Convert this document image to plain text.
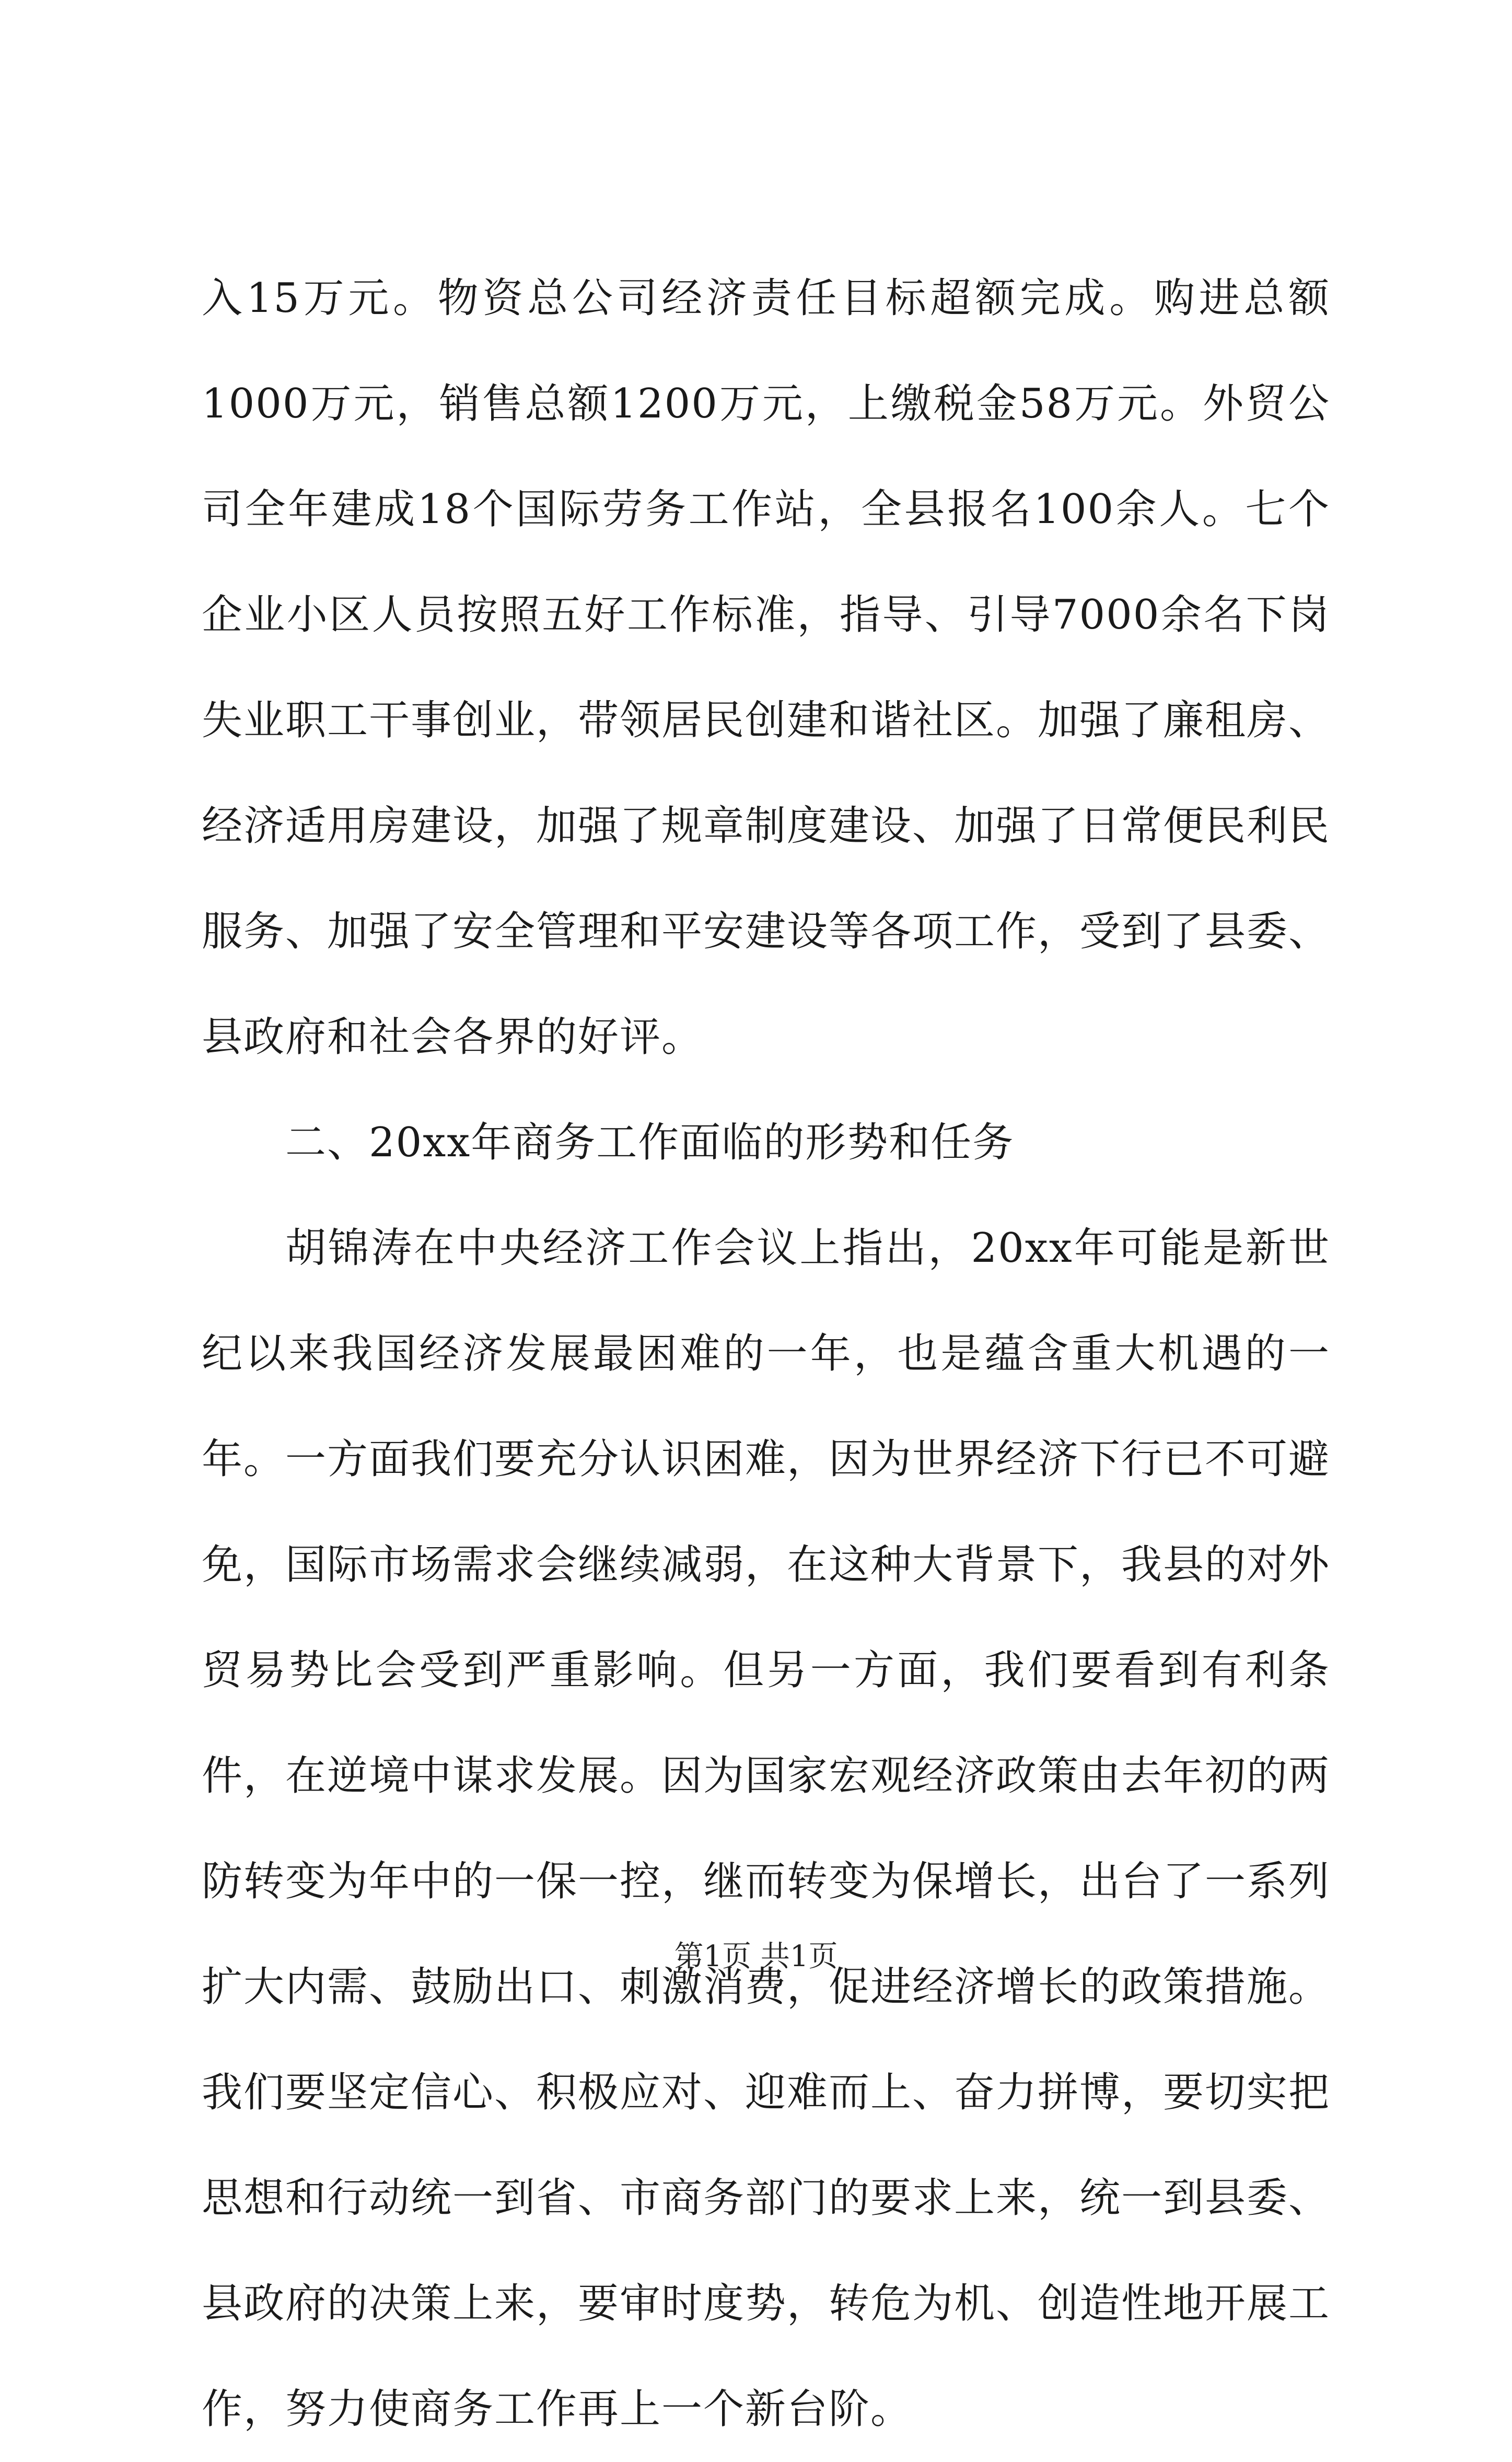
入15万元。物资总公司经济责任目标超额完成。购进总额1000万元，销售总额1200万元，上缴税金58万元。外贸公司全年建成18个国际劳务工作站，全县报名100余人。七个企业小区人员按照五好工作标准，指导、引导7000余名下岗失业职工干事创业，带领居民创建和谐社区。加强了廉租房、经济适用房建设，加强了规章制度建设、加强了日常便民利民服务、加强了安全管理和平安建设等各项工作，受到了县委、县政府和社会各界的好评。

二、20xx年商务工作面临的形势和任务

胡锦涛在中央经济工作会议上指出，20xx年可能是新世纪以来我国经济发展最困难的一年，也是蕴含重大机遇的一年。一方面我们要充分认识困难，因为世界经济下行已不可避免，国际市场需求会继续减弱，在这种大背景下，我县的对外贸易势比会受到严重影响。但另一方面，我们要看到有利条件，在逆境中谋求发展。因为国家宏观经济政策由去年初的两防转变为年中的一保一控，继而转变为保增长，出台了一系列扩大内需、鼓励出口、刺激消费，促进经济增长的政策措施。我们要坚定信心、积极应对、迎难而上、奋力拼博，要切实把思想和行动统一到省、市商务部门的要求上来，统一到县委、县政府的决策上来，要审时度势，转危为机、创造性地开展工作，努力使商务工作再上一个新台阶。

第1页 共1页
